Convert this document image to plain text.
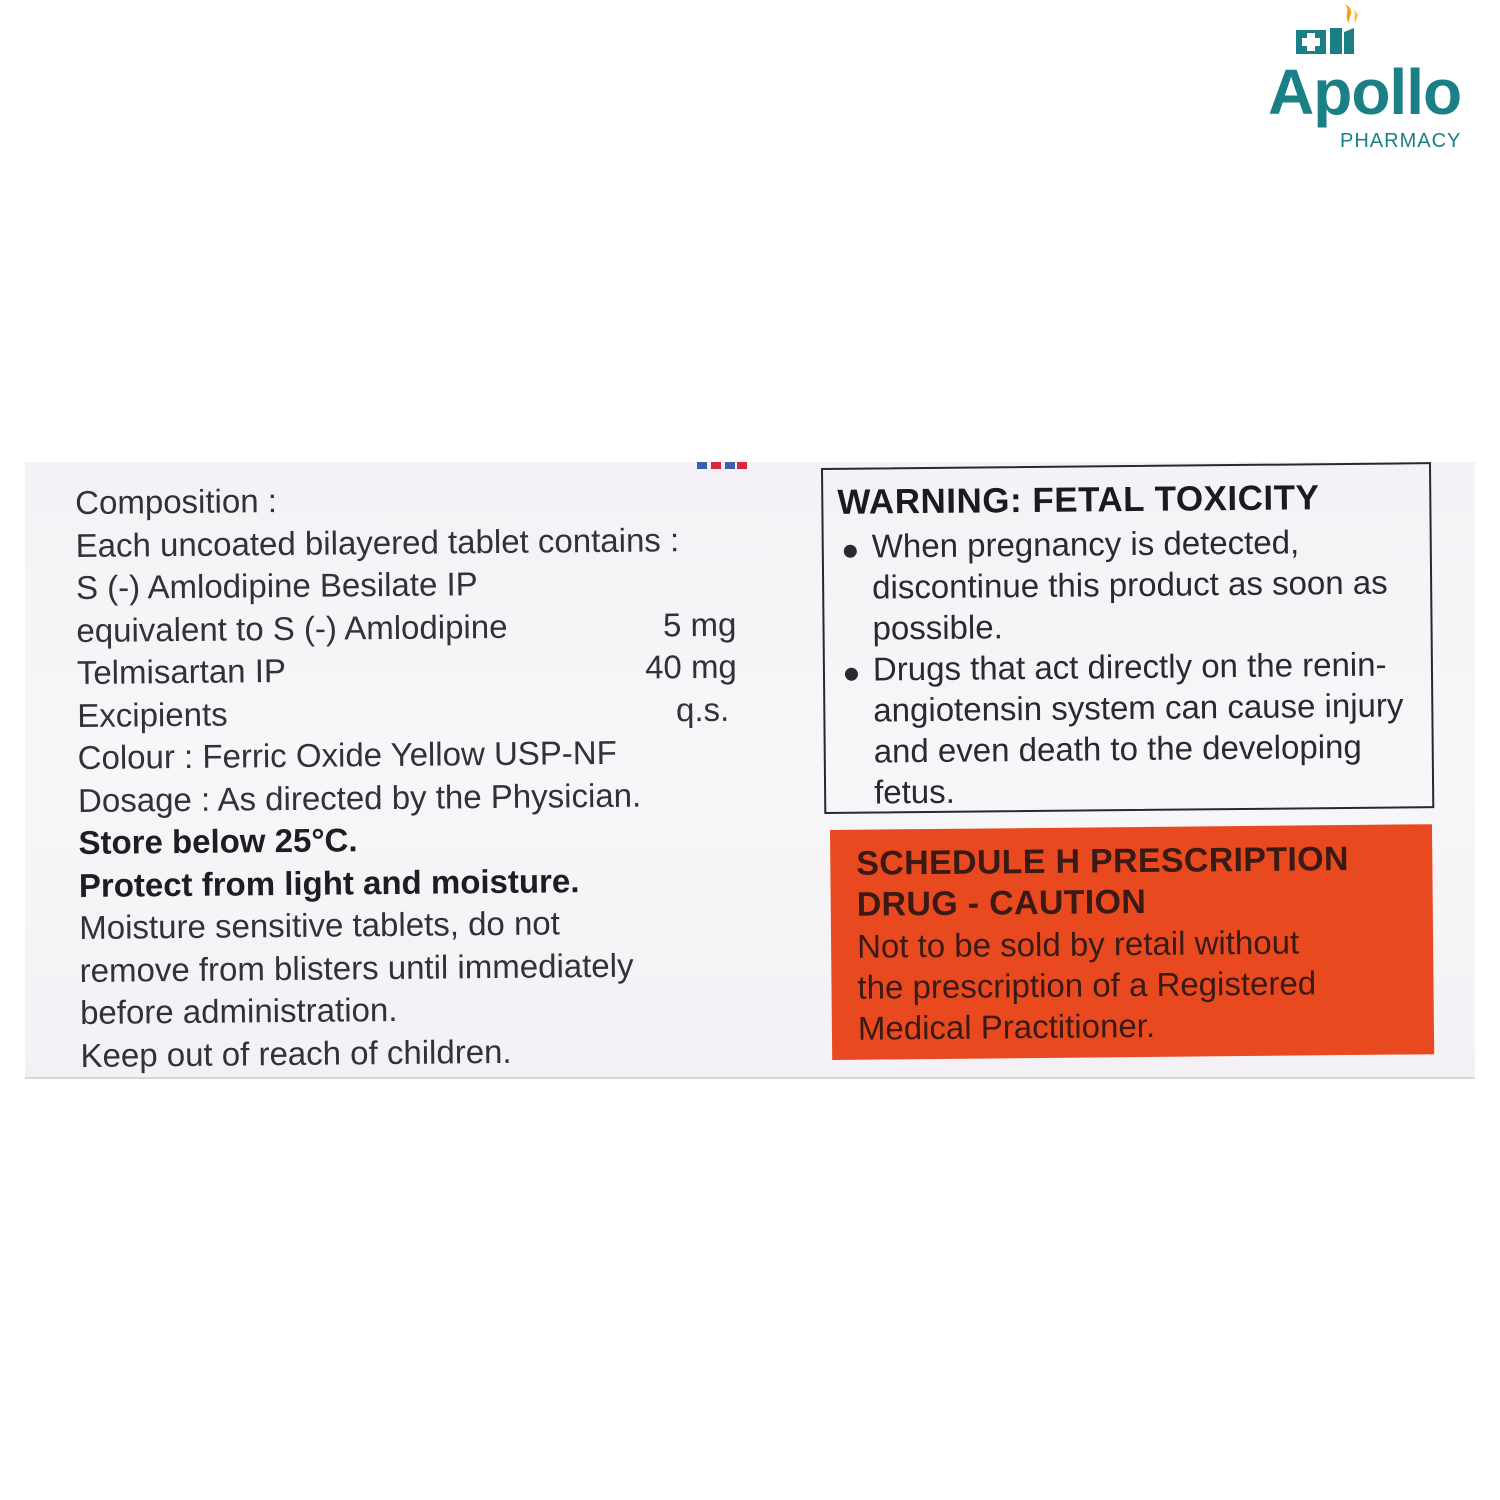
Apollo
PHARMACY
Composition :
Each uncoated bilayered tablet contains :
S (-) Amlodipine Besilate IP
equivalent to S (-) Amlodipine	5 mg
Telmisartan IP	40 mg
Excipients	q.s.
Colour : Ferric Oxide Yellow USP-NF
Dosage : As directed by the Physician.
Store below 25°C.
Protect from light and moisture.
Moisture sensitive tablets, do not
remove from blisters until immediately
before administration.
Keep out of reach of children.
WARNING: FETAL TOXICITY
When pregnancy is detected, discontinue this product as soon as possible.
Drugs that act directly on the renin-angiotensin system can cause injury and even death to the developing fetus.
SCHEDULE H PRESCRIPTION
DRUG - CAUTION
Not to be sold by retail without
the prescription of a Registered
Medical Practitioner.
